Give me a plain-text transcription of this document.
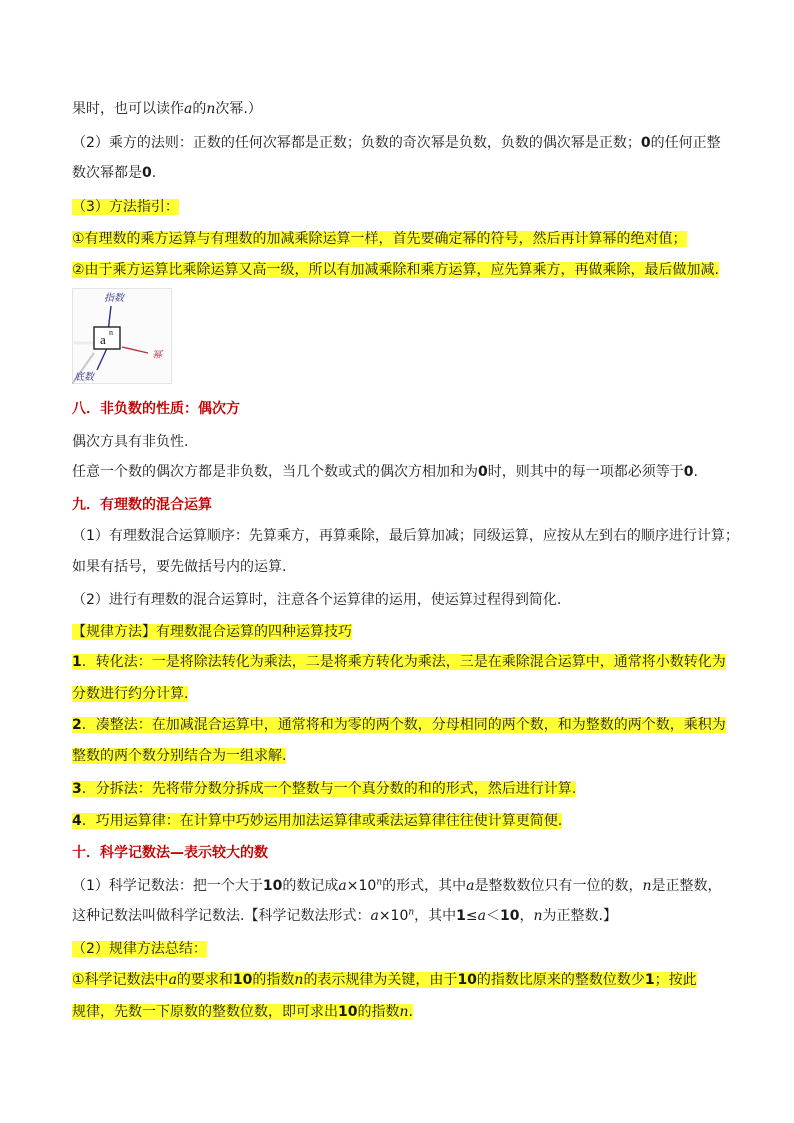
果时，也可以读作a的n次幂.）
（2）乘方的法则：正数的任何次幂都是正数；负数的奇次幂是负数，负数的偶次幂是正数；0的任何正整
数次幂都是0.
（3）方法指引：
①有理数的乘方运算与有理数的加减乘除运算一样，首先要确定幂的符号，然后再计算幂的绝对值；
②由于乘方运算比乘除运算又高一级，所以有加减乘除和乘方运算，应先算乘方，再做乘除，最后做加减.
a n
指数
底数
幂
八．非负数的性质：偶次方
偶次方具有非负性.
任意一个数的偶次方都是非负数，当几个数或式的偶次方相加和为0时，则其中的每一项都必须等于0.
九．有理数的混合运算
（1）有理数混合运算顺序：先算乘方，再算乘除，最后算加减；同级运算，应按从左到右的顺序进行计算；
如果有括号，要先做括号内的运算.
（2）进行有理数的混合运算时，注意各个运算律的运用，使运算过程得到简化.
【规律方法】有理数混合运算的四种运算技巧
1．转化法：一是将除法转化为乘法，二是将乘方转化为乘法，三是在乘除混合运算中，通常将小数转化为
分数进行约分计算.
2．凑整法：在加减混合运算中，通常将和为零的两个数，分母相同的两个数，和为整数的两个数，乘积为
整数的两个数分别结合为一组求解.
3．分拆法：先将带分数分拆成一个整数与一个真分数的和的形式，然后进行计算.
4．巧用运算律：在计算中巧妙运用加法运算律或乘法运算律往往使计算更简便.
十．科学记数法—表示较大的数
（1）科学记数法：把一个大于10的数记成$a\times 10^n$的形式，其中a是整数数位只有一位的数，n是正整数，
这种记数法叫做科学记数法.【科学记数法形式：$a\times 10^n$，其中1≤a＜10，n为正整数.】
（2）规律方法总结：
①科学记数法中a的要求和10的指数n的表示规律为关键，由于10的指数比原来的整数位数少1；按此
规律，先数一下原数的整数位数，即可求出10的指数n.
